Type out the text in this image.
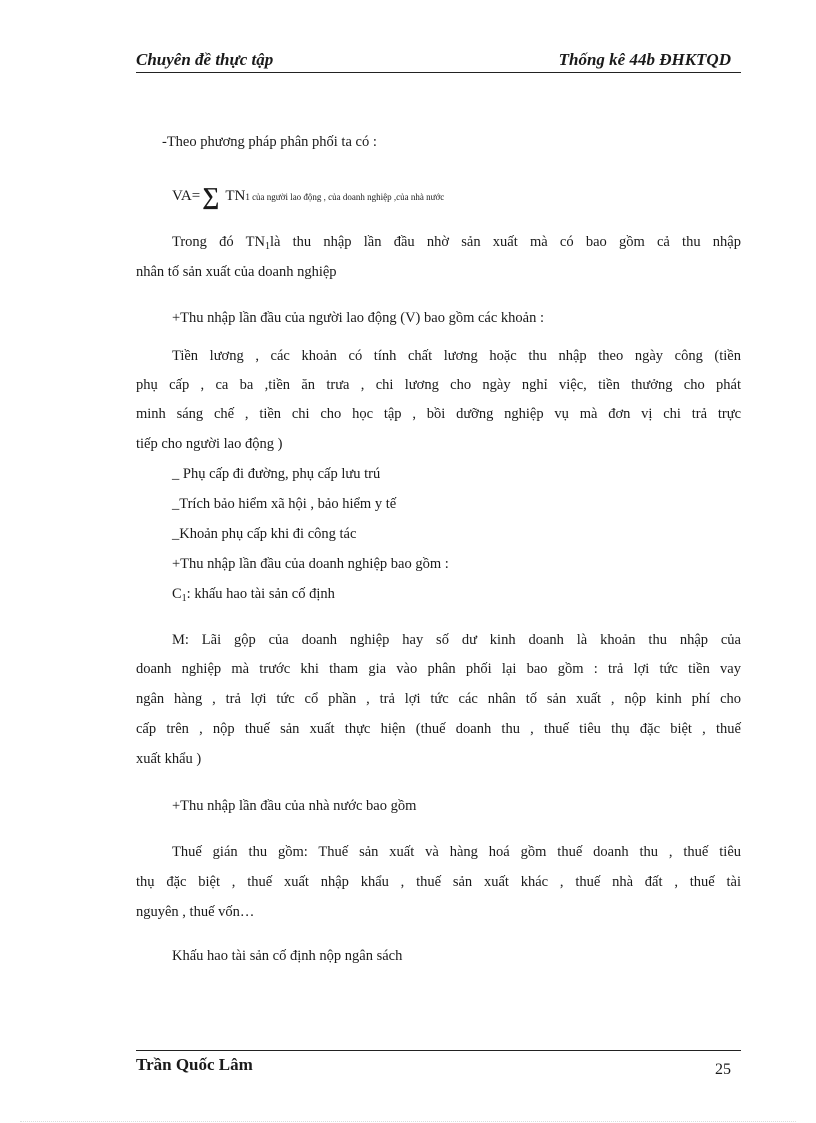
Chuyên đề thực tập	Thống kê 44b ĐHKTQD
-Theo phương pháp phân phối ta có :
VA=∑ TN1 của người lao động , của doanh nghiệp ,của nhà nước
Trong đó $TN_1là$ thu nhập lần đầu nhờ sản xuất mà có bao gồm cả thu nhập
nhân tố sản xuất của doanh nghiệp
+Thu nhập lần đầu của người lao động (V) bao gồm các khoản :
Tiền lương , các khoản có tính chất lương hoặc thu nhập theo ngày công (tiền
phụ cấp , ca ba ,tiền ăn trưa , chi lương cho ngày nghỉ việc, tiền thưởng cho phát
minh sáng chế , tiền chi cho học tập , bồi dưỡng nghiệp vụ mà đơn vị chi trả trực
tiếp cho người lao động )
_ Phụ cấp đi đường, phụ cấp lưu trú
_Trích bảo hiểm xã hội , bảo hiểm y tế
_Khoản phụ cấp khi đi công tác
+Thu nhập lần đầu của doanh nghiệp bao gồm :
$C_1$: khấu hao tài sản cố định
M: Lãi gộp của doanh nghiệp hay số dư kinh doanh là khoản thu nhập của
doanh nghiệp mà trước khi tham gia vào phân phối lại bao gồm : trả lợi tức tiền vay
ngân hàng , trả lợi tức cổ phần , trả lợi tức các nhân tố sản xuất , nộp kinh phí cho
cấp trên , nộp thuế sản xuất thực hiện (thuế doanh thu , thuế tiêu thụ đặc biệt , thuế
xuất khẩu )
+Thu nhập lần đầu của nhà nước bao gồm
Thuế gián thu gồm: Thuế sản xuất và hàng hoá gồm thuế doanh thu , thuế tiêu
thụ đặc biệt , thuế xuất nhập khẩu , thuế sản xuất khác , thuế nhà đất , thuế tài
nguyên , thuế vốn…
Khấu hao tài sản cố định nộp ngân sách
Trần Quốc Lâm	25
